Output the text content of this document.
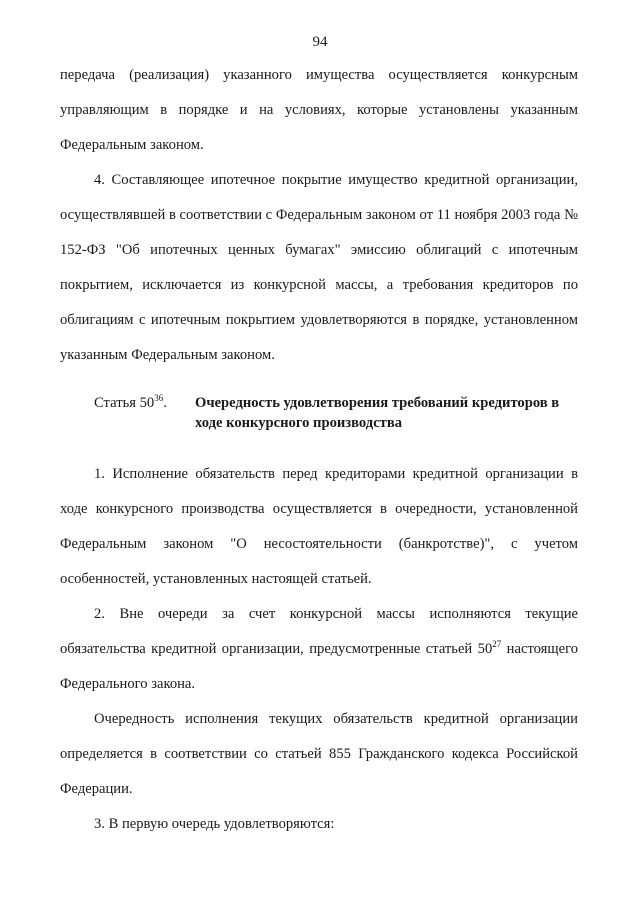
94

передача (реализация) указанного имущества осуществляется конкурсным управляющим в порядке и на условиях, которые установлены указанным Федеральным законом.

4. Составляющее ипотечное покрытие имущество кредитной организации, осуществлявшей в соответствии с Федеральным законом от 11 ноября 2003 года № 152-ФЗ "Об ипотечных ценных бумагах" эмиссию облигаций с ипотечным покрытием, исключается из конкурсной массы, а требования кредиторов по облигациям с ипотечным покрытием удовлетворяются в порядке, установленном указанным Федеральным законом.

Статья $50^{36}$.	Очередность удовлетворения требований кредиторов в ходе конкурсного производства

1. Исполнение обязательств перед кредиторами кредитной организации в ходе конкурсного производства осуществляется в очередности, установленной Федеральным законом "О несостоятельности (банкротстве)", с учетом особенностей, установленных настоящей статьей.

2. Вне очереди за счет конкурсной массы исполняются текущие обязательства кредитной организации, предусмотренные статьей $50^{27}$ настоящего Федерального закона.

Очередность исполнения текущих обязательств кредитной организации определяется в соответствии со статьей 855 Гражданского кодекса Российской Федерации.

3. В первую очередь удовлетворяются:
